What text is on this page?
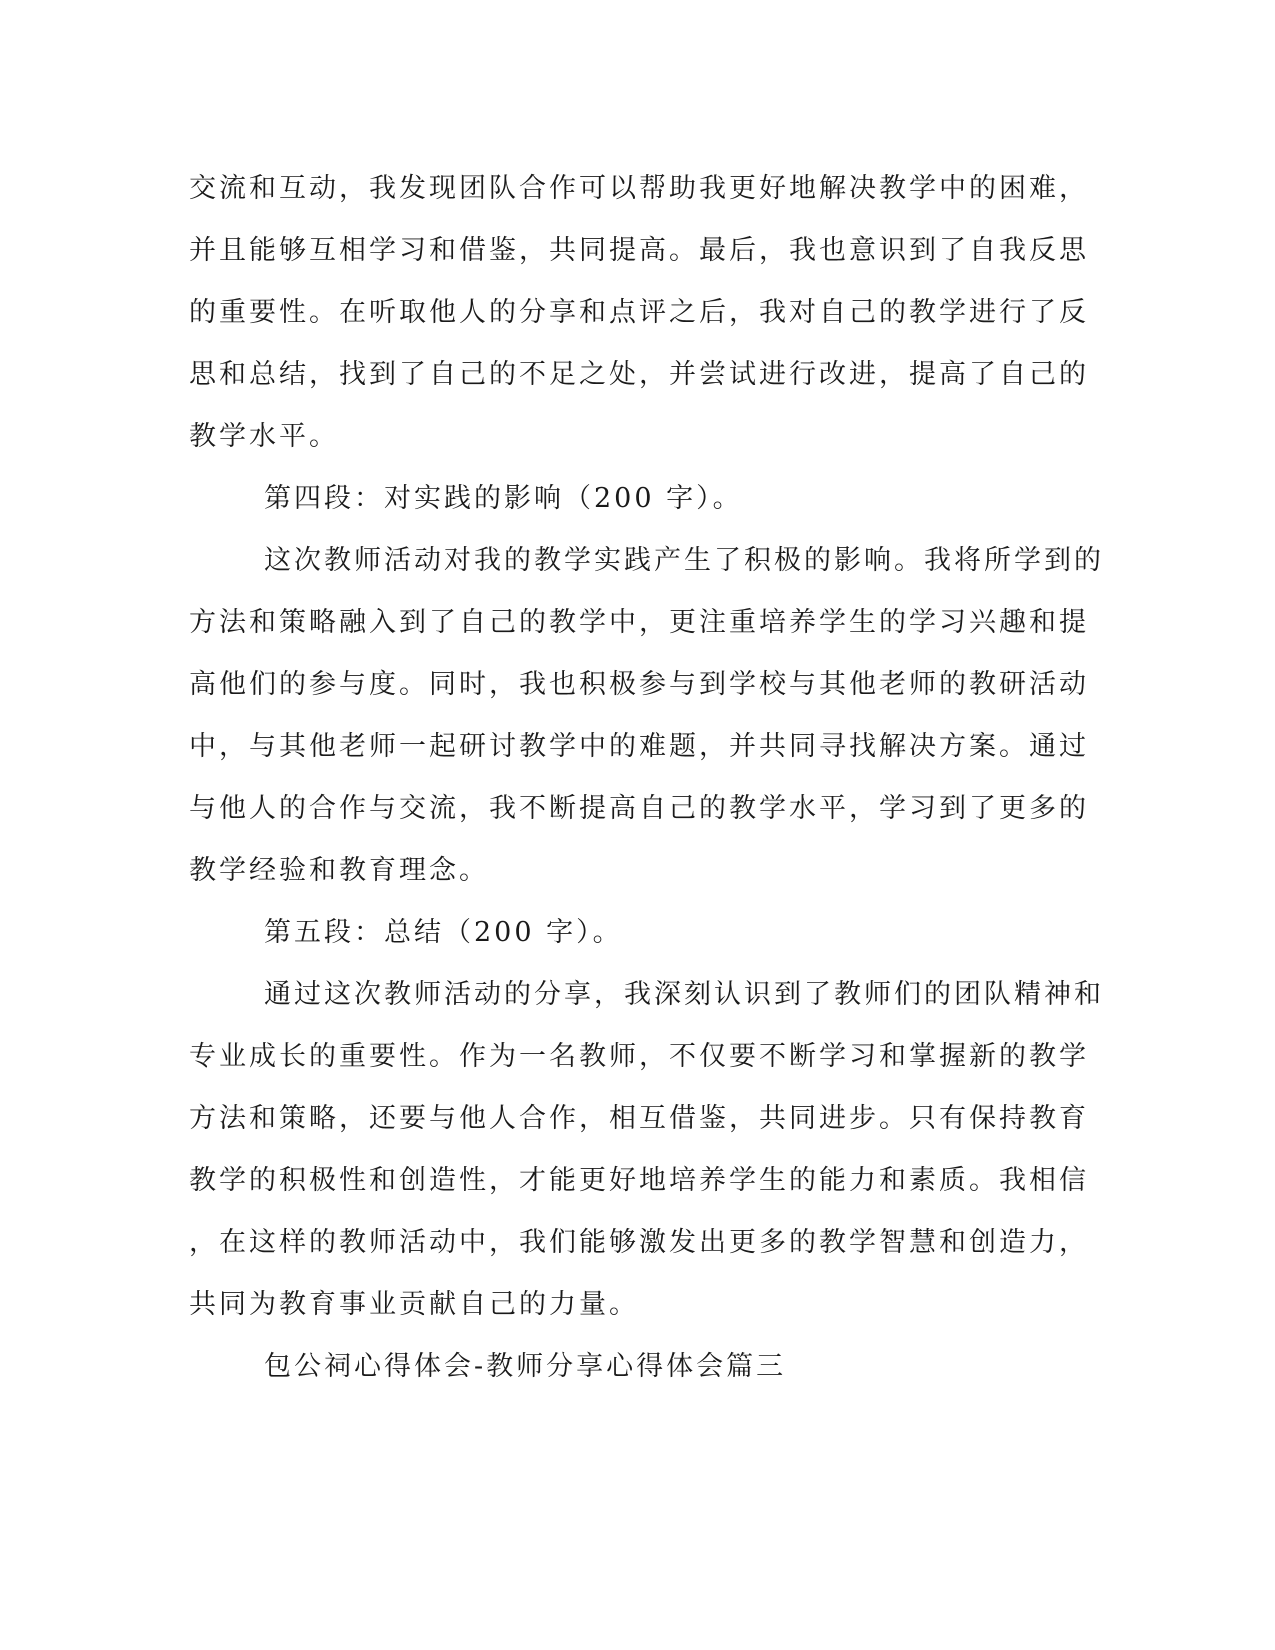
交流和互动，我发现团队合作可以帮助我更好地解决教学中的困难，
并且能够互相学习和借鉴，共同提高。最后，我也意识到了自我反思
的重要性。在听取他人的分享和点评之后，我对自己的教学进行了反
思和总结，找到了自己的不足之处，并尝试进行改进，提高了自己的
教学水平。
第四段：对实践的影响（200 字）。
这次教师活动对我的教学实践产生了积极的影响。我将所学到的
方法和策略融入到了自己的教学中，更注重培养学生的学习兴趣和提
高他们的参与度。同时，我也积极参与到学校与其他老师的教研活动
中，与其他老师一起研讨教学中的难题，并共同寻找解决方案。通过
与他人的合作与交流，我不断提高自己的教学水平，学习到了更多的
教学经验和教育理念。
第五段：总结（200 字）。
通过这次教师活动的分享，我深刻认识到了教师们的团队精神和
专业成长的重要性。作为一名教师，不仅要不断学习和掌握新的教学
方法和策略，还要与他人合作，相互借鉴，共同进步。只有保持教育
教学的积极性和创造性，才能更好地培养学生的能力和素质。我相信
，在这样的教师活动中，我们能够激发出更多的教学智慧和创造力，
共同为教育事业贡献自己的力量。
包公祠心得体会-教师分享心得体会篇三
